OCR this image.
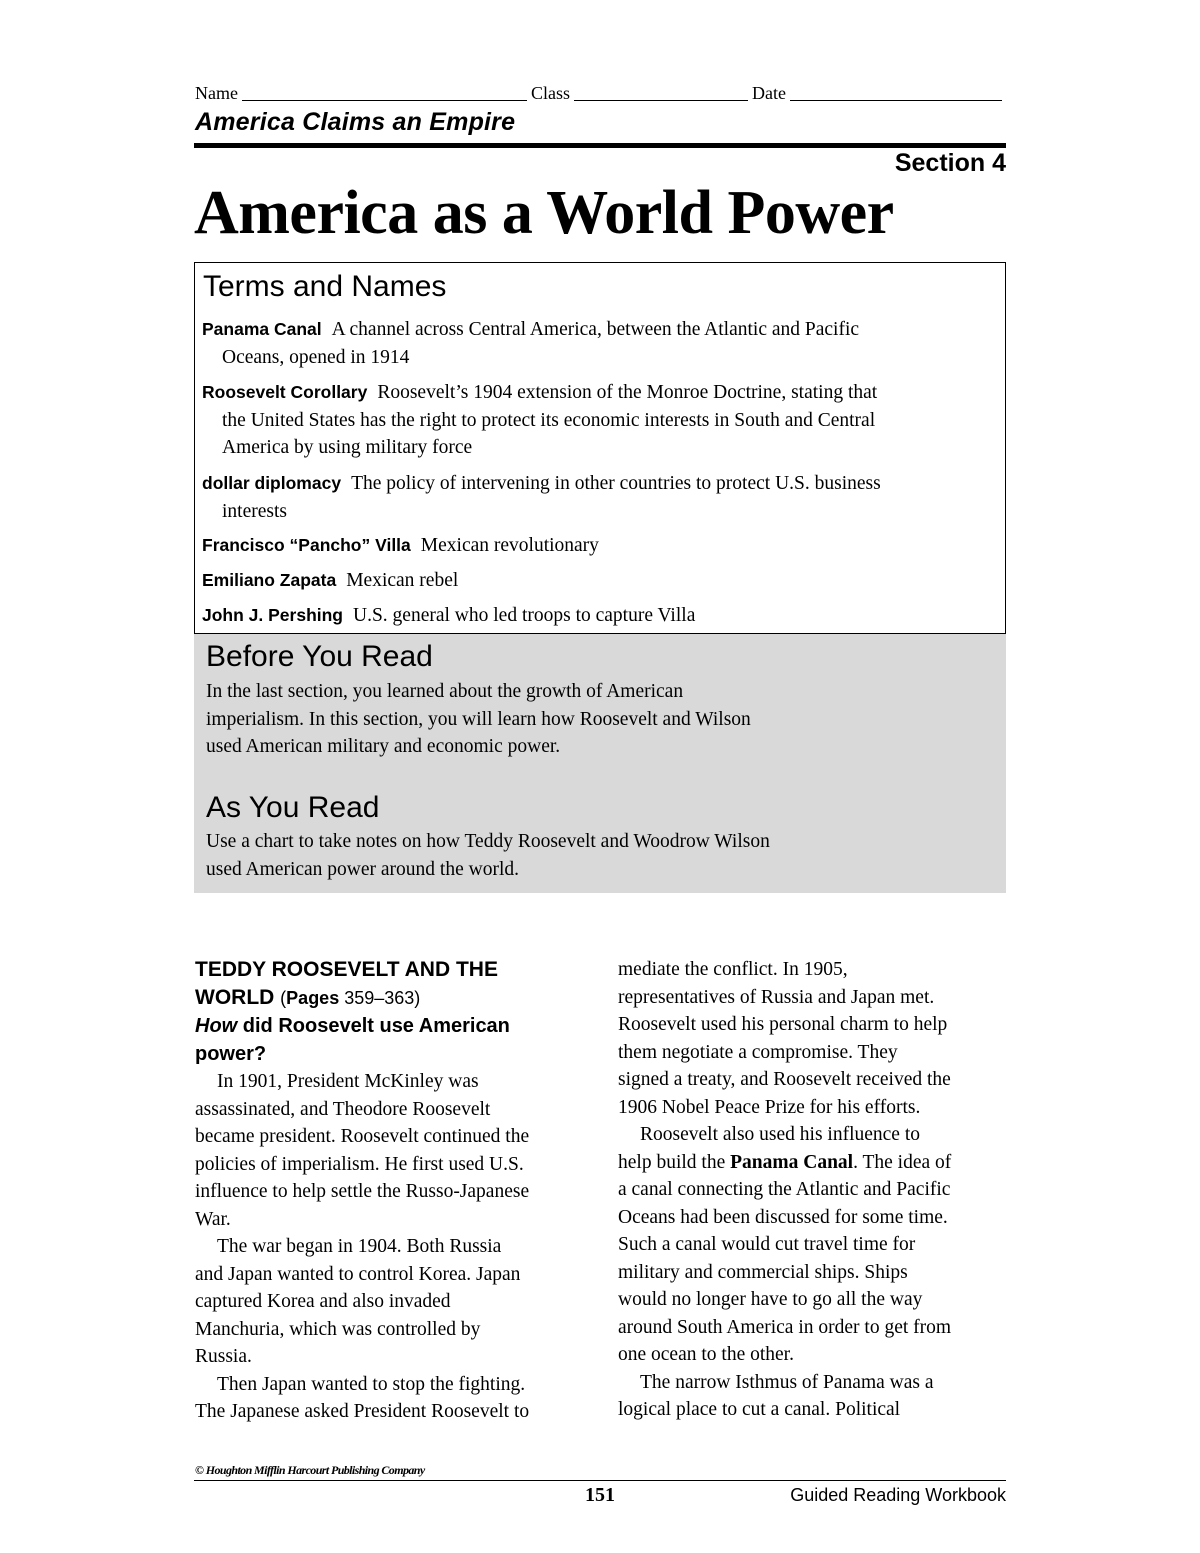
Name	Class	Date
America Claims an Empire
Section 4
America as a World Power
Terms and Names
Panama Canal A channel across Central America, between the Atlantic and Pacific
Oceans, opened in 1914
Roosevelt Corollary Roosevelt’s 1904 extension of the Monroe Doctrine, stating that
the United States has the right to protect its economic interests in South and Central
America by using military force
dollar diplomacy The policy of intervening in other countries to protect U.S. business
interests
Francisco “Pancho” Villa Mexican revolutionary
Emiliano Zapata Mexican rebel
John J. Pershing U.S. general who led troops to capture Villa
Before You Read
In the last section, you learned about the growth of American
imperialism. In this section, you will learn how Roosevelt and Wilson
used American military and economic power.
As You Read
Use a chart to take notes on how Teddy Roosevelt and Woodrow Wilson
used American power around the world.
TEDDY ROOSEVELT AND THE
WORLD (Pages 359–363)
How did Roosevelt use American
power?
In 1901, President McKinley was
assassinated, and Theodore Roosevelt
became president. Roosevelt continued the
policies of imperialism. He first used U.S.
influence to help settle the Russo-Japanese
War.
The war began in 1904. Both Russia
and Japan wanted to control Korea. Japan
captured Korea and also invaded
Manchuria, which was controlled by
Russia.
Then Japan wanted to stop the fighting.
The Japanese asked President Roosevelt to
mediate the conflict. In 1905,
representatives of Russia and Japan met.
Roosevelt used his personal charm to help
them negotiate a compromise. They
signed a treaty, and Roosevelt received the
1906 Nobel Peace Prize for his efforts.
Roosevelt also used his influence to
help build the Panama Canal. The idea of
a canal connecting the Atlantic and Pacific
Oceans had been discussed for some time.
Such a canal would cut travel time for
military and commercial ships. Ships
would no longer have to go all the way
around South America in order to get from
one ocean to the other.
The narrow Isthmus of Panama was a
logical place to cut a canal. Political
© Houghton Mifflin Harcourt Publishing Company
151	Guided Reading Workbook
